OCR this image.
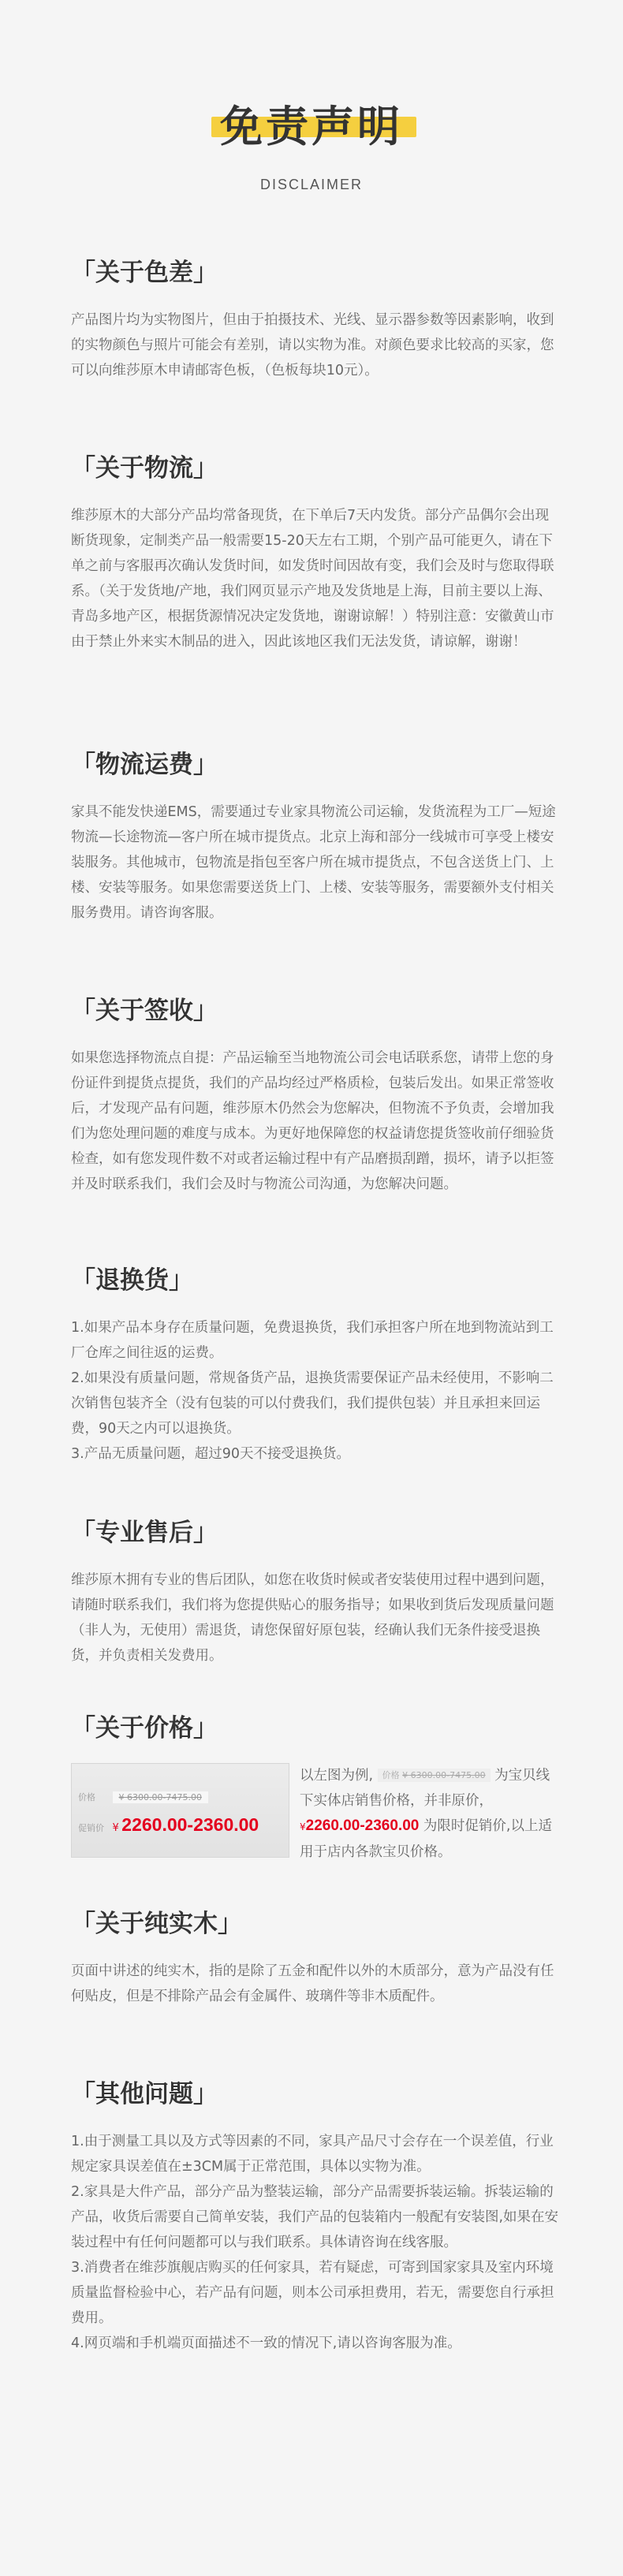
免责声明
DISCLAIMER
「关于色差」

产品图片均为实物图片，但由于拍摄技术、光线、显示器参数等因素影响，收到的实物颜色与照片可能会有差别，请以实物为准。对颜色要求比较高的买家，您可以向维莎原木申请邮寄色板，（色板每块10元）。

「关于物流」

维莎原木的大部分产品均常备现货，在下单后7天内发货。部分产品偶尔会出现断货现象，定制类产品一般需要15-20天左右工期，个别产品可能更久，请在下单之前与客服再次确认发货时间，如发货时间因故有变，我们会及时与您取得联系。（关于发货地/产地，我们网页显示产地及发货地是上海，目前主要以上海、青岛多地产区，根据货源情况决定发货地，谢谢谅解！）特别注意：安徽黄山市由于禁止外来实木制品的进入，因此该地区我们无法发货，请谅解，谢谢！

「物流运费」

家具不能发快递EMS，需要通过专业家具物流公司运输，发货流程为工厂—短途物流—长途物流—客户所在城市提货点。北京上海和部分一线城市可享受上楼安装服务。其他城市，包物流是指包至客户所在城市提货点，不包含送货上门、上楼、安装等服务。如果您需要送货上门、上楼、安装等服务，需要额外支付相关服务费用。请咨询客服。

「关于签收」

如果您选择物流点自提：产品运输至当地物流公司会电话联系您，请带上您的身份证件到提货点提货，我们的产品均经过严格质检，包装后发出。如果正常签收后，才发现产品有问题，维莎原木仍然会为您解决，但物流不予负责，会增加我们为您处理问题的难度与成本。为更好地保障您的权益请您提货签收前仔细验货检查，如有您发现件数不对或者运输过程中有产品磨损刮蹭，损坏，请予以拒签并及时联系我们，我们会及时与物流公司沟通，为您解决问题。

「退换货」

1.如果产品本身存在质量问题，免费退换货，我们承担客户所在地到物流站到工厂仓库之间往返的运费。

2.如果没有质量问题，常规备货产品，退换货需要保证产品未经使用，不影响二次销售包装齐全（没有包装的可以付费我们，我们提供包装）并且承担来回运费，90天之内可以退换货。

3.产品无质量问题，超过90天不接受退换货。

「专业售后」

维莎原木拥有专业的售后团队，如您在收货时候或者安装使用过程中遇到问题，请随时联系我们，我们将为您提供贴心的服务指导；如果收到货后发现质量问题（非人为，无使用）需退货，请您保留好原包装，经确认我们无条件接受退换货，并负责相关发费用。

「关于价格」
价格	¥ 6300.00-7475.00
促销价 ¥ 2260.00-2360.00
以左图为例, 价格 ¥ 6300.00-7475.00 为宝贝线下实体店销售价格，并非原价， ¥2260.00-2360.00 为限时促销价,以上适用于店内各款宝贝价格。
「关于纯实木」

页面中讲述的纯实木，指的是除了五金和配件以外的木质部分，意为产品没有任何贴皮，但是不排除产品会有金属件、玻璃件等非木质配件。

「其他问题」

1.由于测量工具以及方式等因素的不同，家具产品尺寸会存在一个误差值，行业规定家具误差值在±3CM属于正常范围，具体以实物为准。

2.家具是大件产品，部分产品为整装运输，部分产品需要拆装运输。拆装运输的产品，收货后需要自己简单安装，我们产品的包装箱内一般配有安装图,如果在安装过程中有任何问题都可以与我们联系。具体请咨询在线客服。

3.消费者在维莎旗舰店购买的任何家具，若有疑虑，可寄到国家家具及室内环境质量监督检验中心，若产品有问题，则本公司承担费用，若无，需要您自行承担费用。

4.网页端和手机端页面描述不一致的情况下,请以咨询客服为准。
